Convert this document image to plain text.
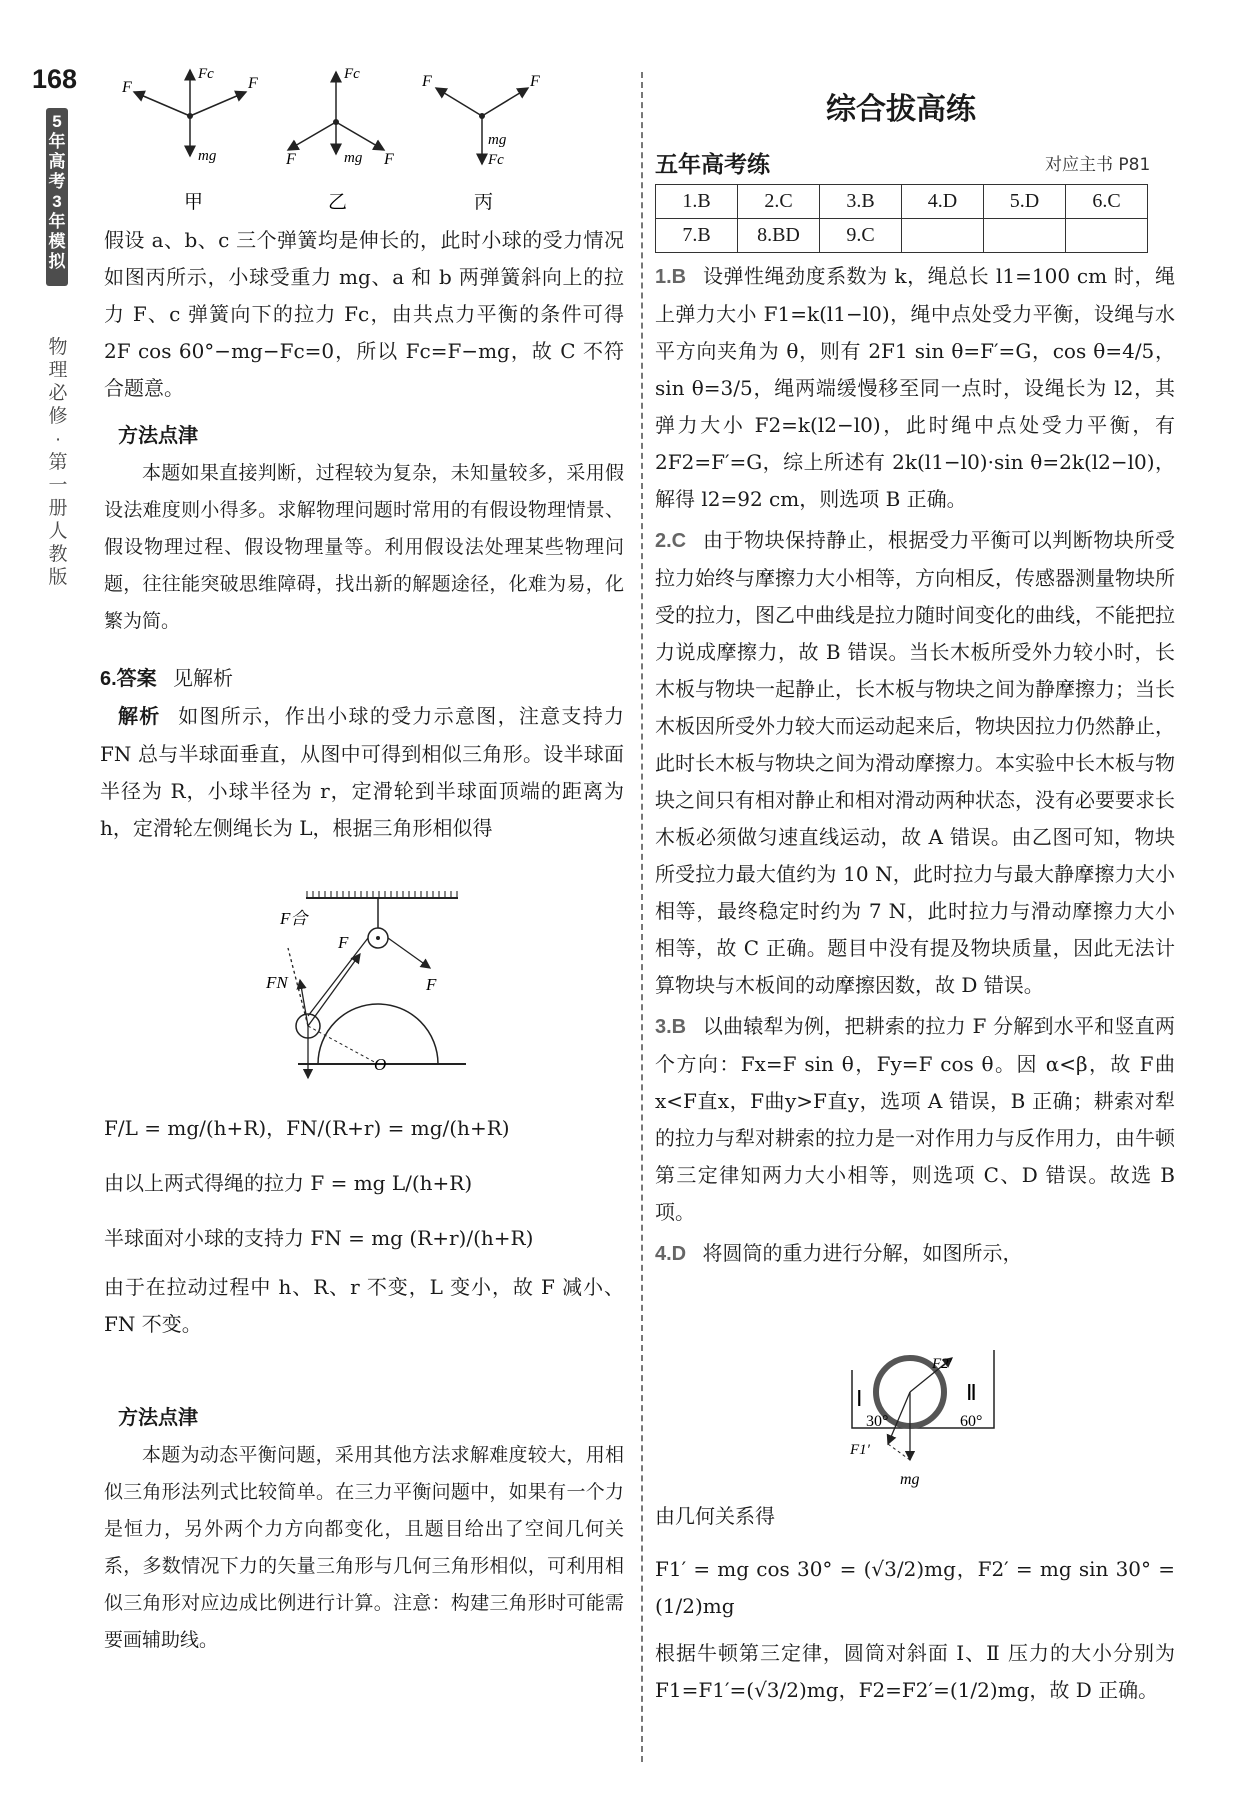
168
5年高考3年模拟
物理 必修·第一册 人教版
Fc
F	F
mg
Fc
F	mg F
F	F
mg
Fc
甲	乙	丙

假设 a、b、c 三个弹簧均是伸长的，此时小球的受力情况如图丙所示，小球受重力 mg、a 和 b 两弹簧斜向上的拉力 F、c 弹簧向下的拉力 Fc，由共点力平衡的条件可得 2F cos 60°−mg−Fc=0，所以 Fc=F−mg，故 C 不符合题意。

方法点津

本题如果直接判断，过程较为复杂，未知量较多，采用假设法难度则小得多。求解物理问题时常用的有假设物理情景、假设物理过程、假设物理量等。利用假设法处理某些物理问题，往往能突破思维障碍，找出新的解题途径，化难为易，化繁为简。

6.答案 见解析

解析 如图所示，作出小球的受力示意图，注意支持力 FN 总与半球面垂直，从图中可得到相似三角形。设半球面半径为 R，小球半径为 r，定滑轮到半球面顶端的距离为 h，定滑轮左侧绳长为 L，根据三角形相似得

F合
F
F
FN
O

F/L = mg/(h+R)，FN/(R+r) = mg/(h+R)

由以上两式得绳的拉力 F = mg L/(h+R)

半球面对小球的支持力 FN = mg (R+r)/(h+R)

由于在拉动过程中 h、R、r 不变，L 变小，故 F 减小、FN 不变。

方法点津

本题为动态平衡问题，采用其他方法求解难度较大，用相似三角形法列式比较简单。在三力平衡问题中，如果有一个力是恒力，另外两个力方向都变化，且题目给出了空间几何关系，多数情况下力的矢量三角形与几何三角形相似，可利用相似三角形对应边成比例进行计算。注意：构建三角形时可能需要画辅助线。

综合拔高练
五年高考练	对应主书 P81
1.B	2.C	3.B	4.D	5.D	6.C
7.B	8.BD	9.C			

1.B 设弹性绳劲度系数为 k，绳总长 l1=100 cm 时，绳上弹力大小 F1=k(l1−l0)，绳中点处受力平衡，设绳与水平方向夹角为 θ，则有 2F1 sin θ=F′=G，cos θ=4/5，sin θ=3/5，绳两端缓慢移至同一点时，设绳长为 l2，其弹力大小 F2=k(l2−l0)，此时绳中点处受力平衡，有 2F2=F′=G，综上所述有 2k(l1−l0)·sin θ=2k(l2−l0)，解得 l2=92 cm，则选项 B 正确。

2.C 由于物块保持静止，根据受力平衡可以判断物块所受拉力始终与摩擦力大小相等，方向相反，传感器测量物块所受的拉力，图乙中曲线是拉力随时间变化的曲线，不能把拉力说成摩擦力，故 B 错误。当长木板所受外力较小时，长木板与物块一起静止，长木板与物块之间为静摩擦力；当长木板因所受外力较大而运动起来后，物块因拉力仍然静止，此时长木板与物块之间为滑动摩擦力。本实验中长木板与物块之间只有相对静止和相对滑动两种状态，没有必要要求长木板必须做匀速直线运动，故 A 错误。由乙图可知，物块所受拉力最大值约为 10 N，此时拉力与最大静摩擦力大小相等，最终稳定时约为 7 N，此时拉力与滑动摩擦力大小相等，故 C 正确。题目中没有提及物块质量，因此无法计算物块与木板间的动摩擦因数，故 D 错误。

3.B 以曲辕犁为例，把耕索的拉力 F 分解到水平和竖直两个方向：Fx=F sin θ，Fy=F cos θ。因 α<β，故 F曲x<F直x，F曲y>F直y，选项 A 错误，B 正确；耕索对犁的拉力与犁对耕索的拉力是一对作用力与反作用力，由牛顿第三定律知两力大小相等，则选项 C、D 错误。故选 B 项。

4.D 将圆筒的重力进行分解，如图所示，

Ⅰ	Ⅱ
30°	60°
F1′
F2′
mg

由几何关系得

F1′ = mg cos 30° = (√3/2)mg，F2′ = mg sin 30° = (1/2)mg

根据牛顿第三定律，圆筒对斜面 Ⅰ、Ⅱ 压力的大小分别为 F1=F1′=(√3/2)mg，F2=F2′=(1/2)mg，故 D 正确。
